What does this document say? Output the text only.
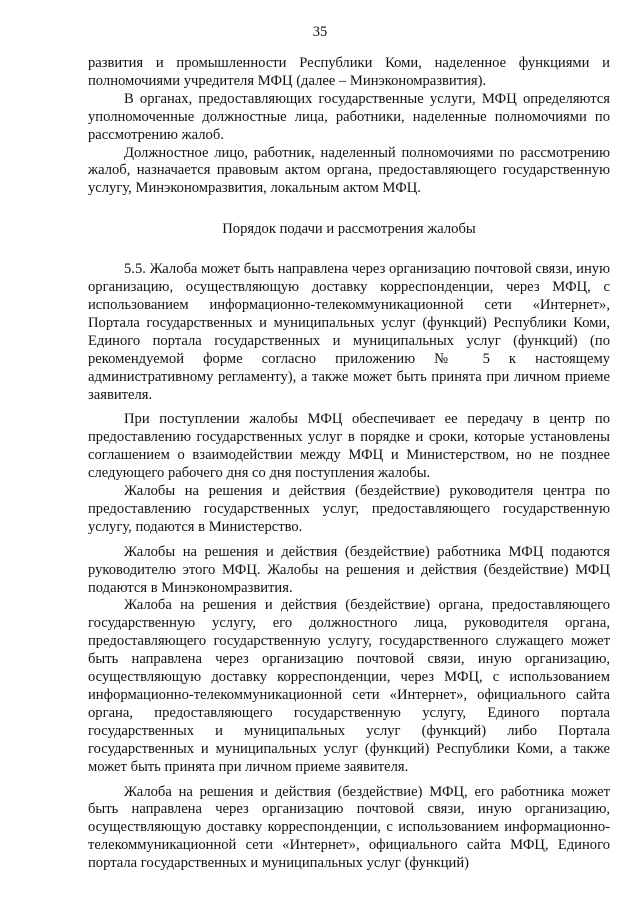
35

развития и промышленности Республики Коми, наделенное функциями и полномочиями учредителя МФЦ (далее – Минэкономразвития).

В органах, предоставляющих государственные услуги, МФЦ определяются уполномоченные должностные лица, работники, наделенные полномочиями по рассмотрению жалоб.

Должностное лицо, работник, наделенный полномочиями по рассмотрению жалоб, назначается правовым актом органа, предоставляющего государственную услугу, Минэкономразвития, локальным актом МФЦ.

Порядок подачи и рассмотрения жалобы

5.5. Жалоба может быть направлена через организацию почтовой связи, иную организацию, осуществляющую доставку корреспонденции, через МФЦ, с использованием информационно-телекоммуникационной сети «Интернет», Портала государственных и муниципальных услуг (функций) Республики Коми, Единого портала государственных и муниципальных услуг (функций) (по рекомендуемой форме согласно приложению № 5 к настоящему административному регламенту), а также может быть принята при личном приеме заявителя.

При поступлении жалобы МФЦ обеспечивает ее передачу в центр по предоставлению государственных услуг в порядке и сроки, которые установлены соглашением о взаимодействии между МФЦ и Министерством, но не позднее следующего рабочего дня со дня поступления жалобы.

Жалобы на решения и действия (бездействие) руководителя центра по предоставлению государственных услуг, предоставляющего государственную услугу, подаются в Министерство.

Жалобы на решения и действия (бездействие) работника МФЦ подаются руководителю этого МФЦ. Жалобы на решения и действия (бездействие) МФЦ подаются в Минэкономразвития.

Жалоба на решения и действия (бездействие) органа, предоставляющего государственную услугу, его должностного лица, руководителя органа, предоставляющего государственную услугу, государственного служащего может быть направлена через организацию почтовой связи, иную организацию, осуществляющую доставку корреспонденции, через МФЦ, с использованием информационно-телекоммуникационной сети «Интернет», официального сайта органа, предоставляющего государственную услугу, Единого портала государственных и муниципальных услуг (функций) либо Портала государственных и муниципальных услуг (функций) Республики Коми, а также может быть принята при личном приеме заявителя.

Жалоба на решения и действия (бездействие) МФЦ, его работника может быть направлена через организацию почтовой связи, иную организацию, осуществляющую доставку корреспонденции, с использованием информационно-телекоммуникационной сети «Интернет», официального сайта МФЦ, Единого портала государственных и муниципальных услуг (функций)
